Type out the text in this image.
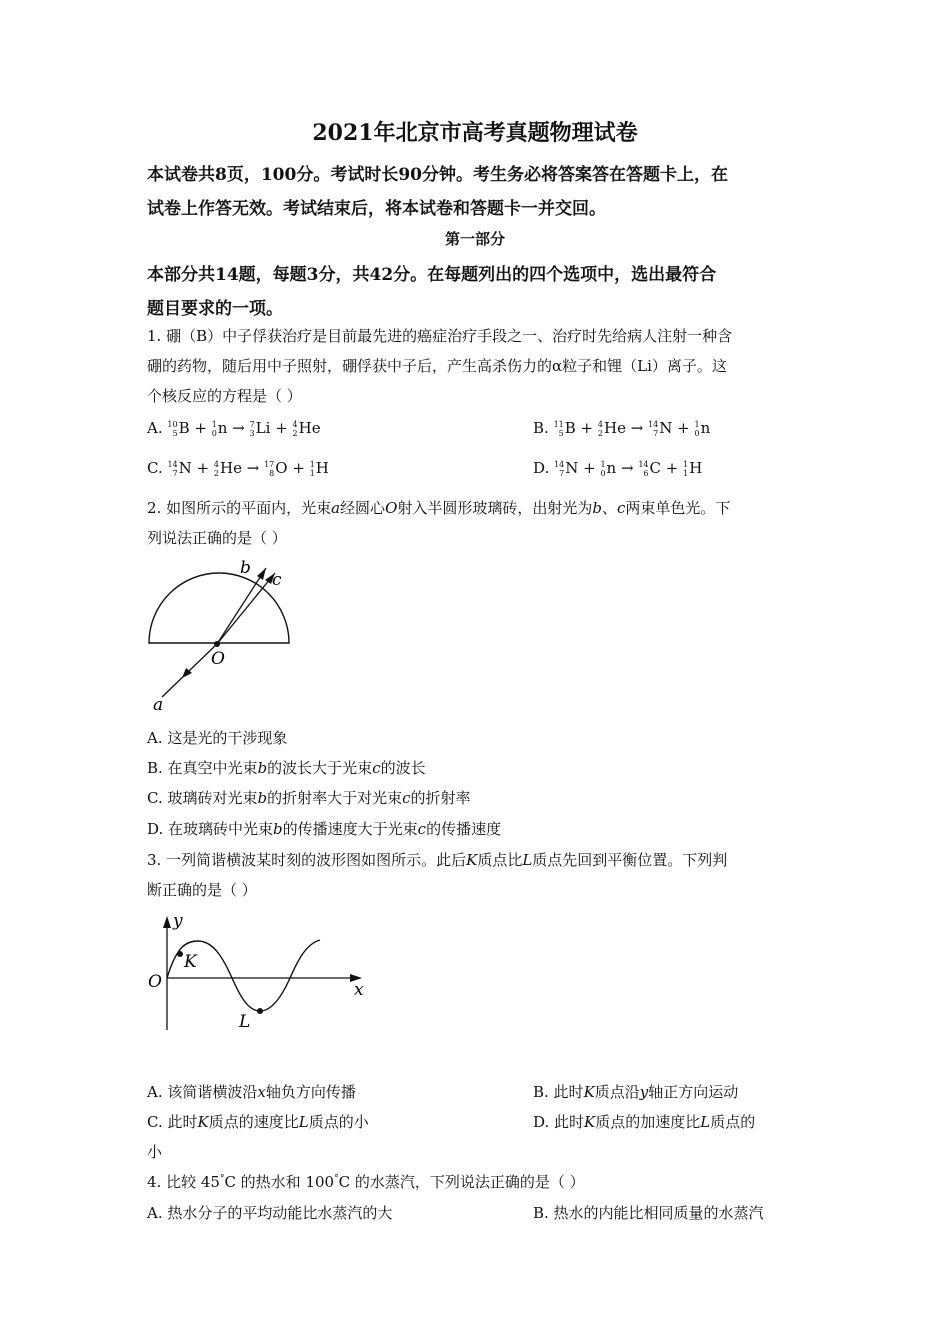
2021年北京市高考真题物理试卷
本试卷共8页，100分。考试时长90分钟。考生务必将答案答在答题卡上，在
试卷上作答无效。考试结束后，将本试卷和答题卡一并交回。
第一部分
本部分共14题，每题3分，共42分。在每题列出的四个选项中，选出最符合
题目要求的一项。
1. 硼（B）中子俘获治疗是目前最先进的癌症治疗手段之一、治疗时先给病人注射一种含
硼的药物，随后用中子照射，硼俘获中子后，产生高杀伤力的α粒子和锂（Li）离子。这
个核反应的方程是（ ）
A. 10
5 B + 1
0 n → 7
3 Li + 4
2 He	B. 11
5 B + 4
2 He → 14
7 N + 1
0 n
C. 14
7 N + 4
2 He → 17
8 O + 1
1 H	D. 14
7 N + 1
0 n → 14
6 C + 1
1 H
2. 如图所示的平面内，光束a经圆心O射入半圆形玻璃砖，出射光为b、c两束单色光。下
列说法正确的是（ ）
b
c
O
a
A. 这是光的干涉现象
B. 在真空中光束b的波长大于光束c的波长
C. 玻璃砖对光束b的折射率大于对光束c的折射率
D. 在玻璃砖中光束b的传播速度大于光束c的传播速度
3. 一列简谐横波某时刻的波形图如图所示。此后K质点比L质点先回到平衡位置。下列判
断正确的是（ ）
y
K
O	x
L
A. 该简谐横波沿x轴负方向传播	B. 此时K质点沿y轴正方向运动
C. 此时K质点的速度比L质点的小	D. 此时K质点的加速度比L质点的
小
4. 比较 45°C 的热水和 100°C 的水蒸汽，下列说法正确的是（ ）
A. 热水分子的平均动能比水蒸汽的大	B. 热水的内能比相同质量的水蒸汽
